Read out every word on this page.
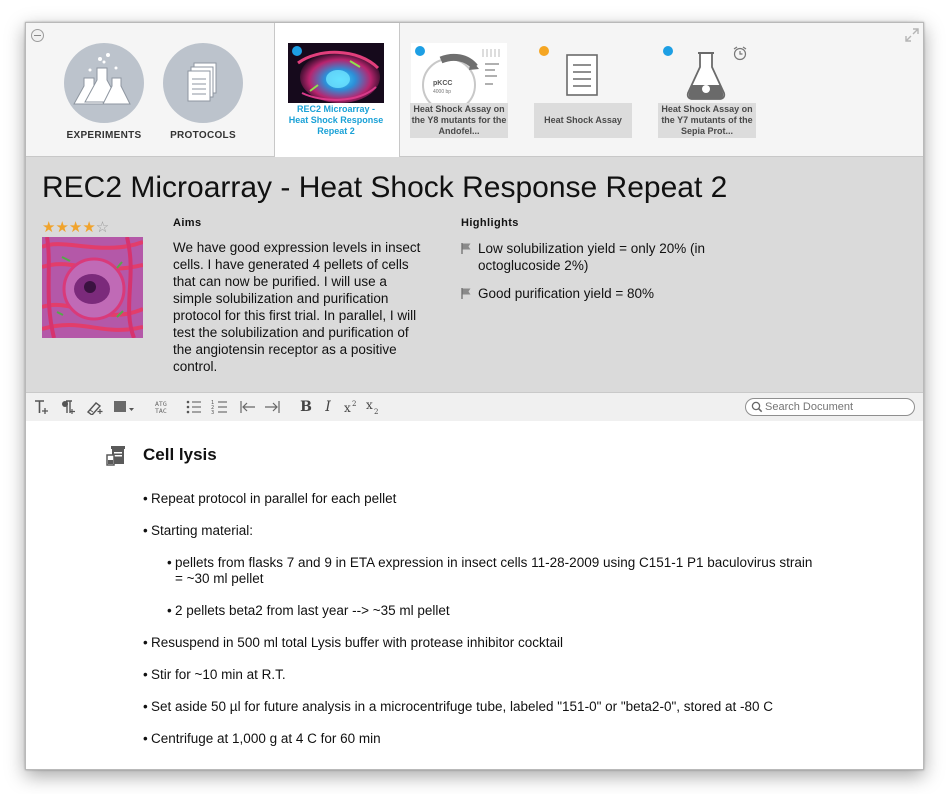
EXPERIMENTS	PROTOCOLS
REC2 Microarray - Heat Shock Response Repeat 2
pKCC
4000 bp
Heat Shock Assay on the Y8 mutants for the Andofel...
Heat Shock Assay
Heat Shock Assay on the Y7 mutants of the Sepia Prot...
REC2 Microarray - Heat Shock Response Repeat 2
★★★★☆	Aims
We have good expression levels in insect cells. I have generated 4 pellets of cells that can now be purified. I will use a simple solubilization and purification protocol for this first trial. In parallel, I will test the solubilization and purification of the angiotensin receptor as a positive control.
Highlights
Low solubilization yield = only 20% (in octoglucoside 2%)
Good purification yield = 80%
ATG
TAC
1
2
3	B I	x 2 x 2
Search Document
Cell lysis
• Repeat protocol in parallel for each pellet
• Starting material:
• pellets from flasks 7 and 9 in ETA expression in insect cells 11-28-2009 using C151-1 P1 baculovirus strain = ~30 ml pellet
• 2 pellets beta2 from last year --> ~35 ml pellet
• Resuspend in 500 ml total Lysis buffer with protease inhibitor cocktail
• Stir for ~10 min at R.T.
• Set aside 50 µl for future analysis in a microcentrifuge tube, labeled "151-0" or "beta2-0", stored at -80 C
• Centrifuge at 1,000 g at 4 C for 60 min
